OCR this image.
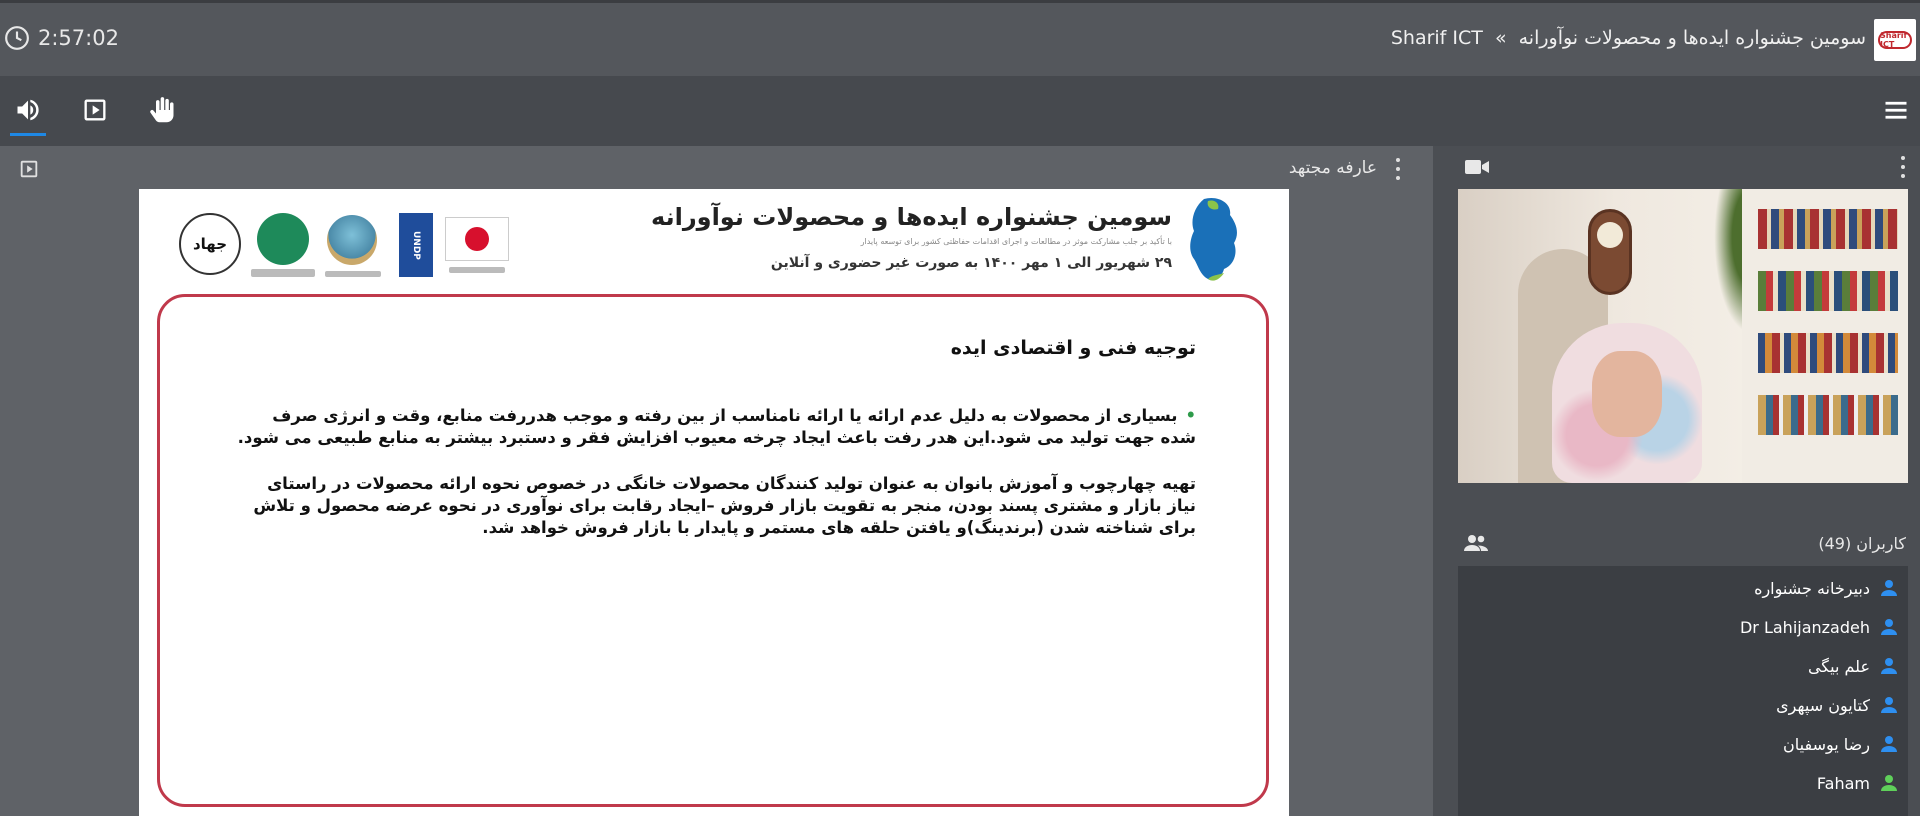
2:57:02	سومین جشنواره ایده‌ها و محصولات نوآورانه » Sharif ICT	Sharif ICT
عارفه مجتهد
سومین جشنواره ایده‌ها و محصولات نوآورانه
با تأکید بر جلب مشارکت موثر در مطالعات و اجرای اقدامات حفاظتی کشور برای توسعه پایدار
۲۹ شهریور الی ۱ مهر ۱۴۰۰ به صورت غیر حضوری و آنلاین
جهاد	UNDP
توجیه فنی و اقتصادی ایده
•بسیاری از محصولات به دلیل عدم ارائه یا ارائه نامناسب از بین رفته و موجب هدررفت منابع، وقت و انرژی صرف شده جهت تولید می شود.این هدر رفت باعث ایجاد چرخه معیوب افزایش فقر و دستبرد بیشتر به منابع طبیعی می شود.
تهیه چهارچوب و آموزش بانوان به عنوان تولید کنندگان محصولات خانگی در خصوص نحوه ارائه محصولات در راستای نیاز بازار و مشتری پسند بودن، منجر به تقویت بازار فروش –ایجاد رقابت برای نوآوری در نحوه عرضه محصول و تلاش برای شناخته شدن (برندینگ)و یافتن حلقه های مستمر و پایدار با بازار فروش خواهد شد.
کاربران (49)
دبیرخانه جشنواره
Dr Lahijanzadeh
علم بیگی
کتایون سپهری
رضا یوسفیان
Faham
